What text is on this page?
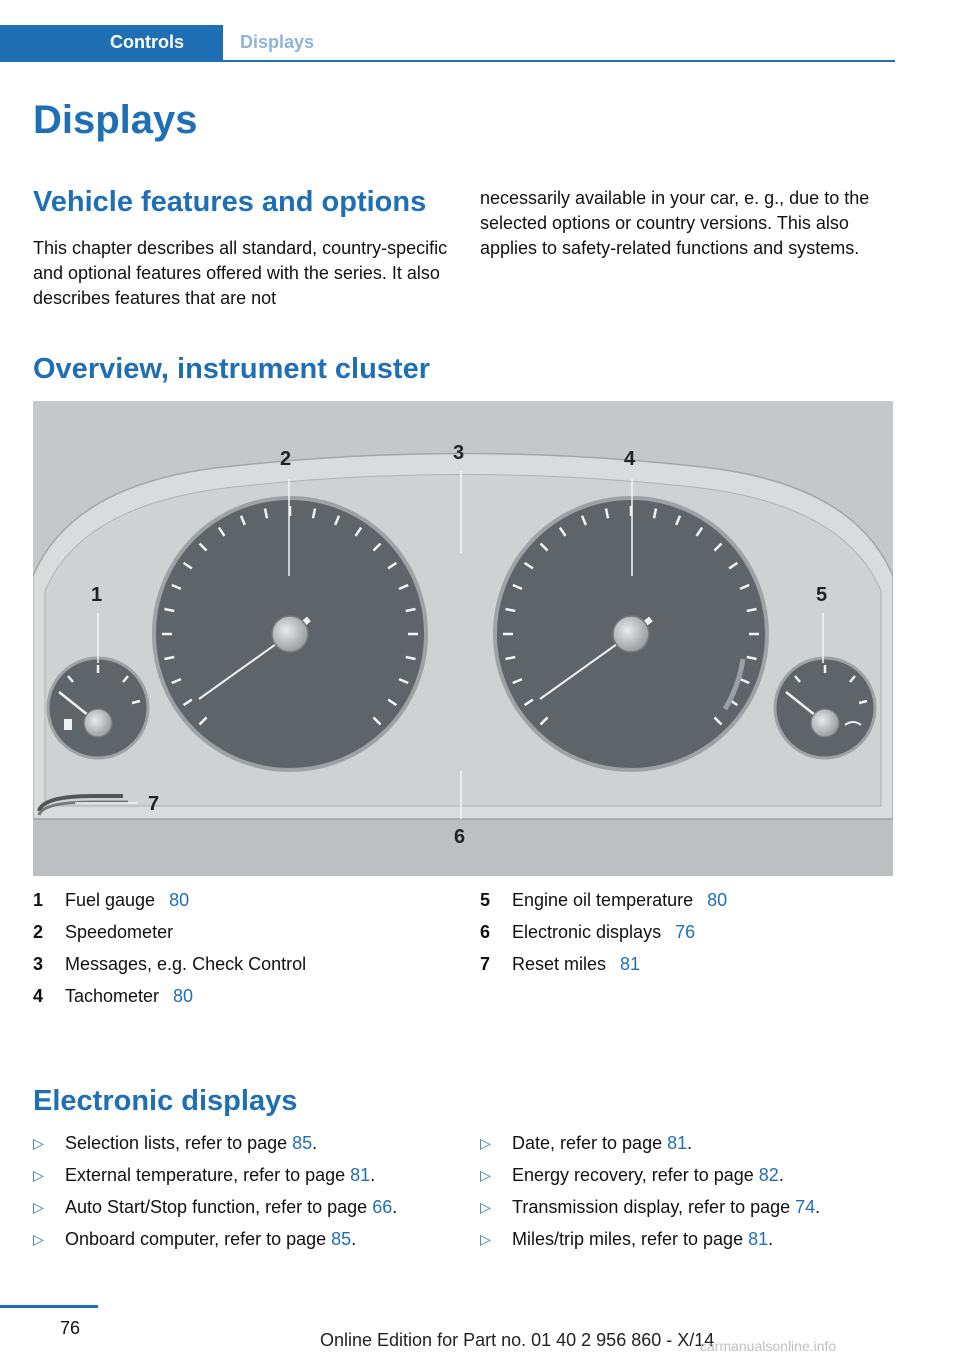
Controls	Displays
Displays
Vehicle features and options

This chapter describes all standard, country-specific and optional features offered with the series. It also describes features that are not

necessarily available in your car, e. g., due to the selected options or country versions. This also applies to safety-related functions and systems.

Overview, instrument cluster
1
2	3	4
5
6
7
1	Fuel gauge 80
2	Speedometer
3	Messages, e.g. Check Control
4	Tachometer 80
5	Engine oil temperature 80
6	Electronic displays 76
7	Reset miles 81
Electronic displays
▷	Selection lists, refer to page 85.
▷	External temperature, refer to page 81.
▷	Auto Start/Stop function, refer to page 66.
▷	Onboard computer, refer to page 85.
▷	Date, refer to page 81.
▷	Energy recovery, refer to page 82.
▷	Transmission display, refer to page 74.
▷	Miles/trip miles, refer to page 81.
76
Online Edition for Part no. 01 40 2 956 860 - X/14
carmanualsonline.info
